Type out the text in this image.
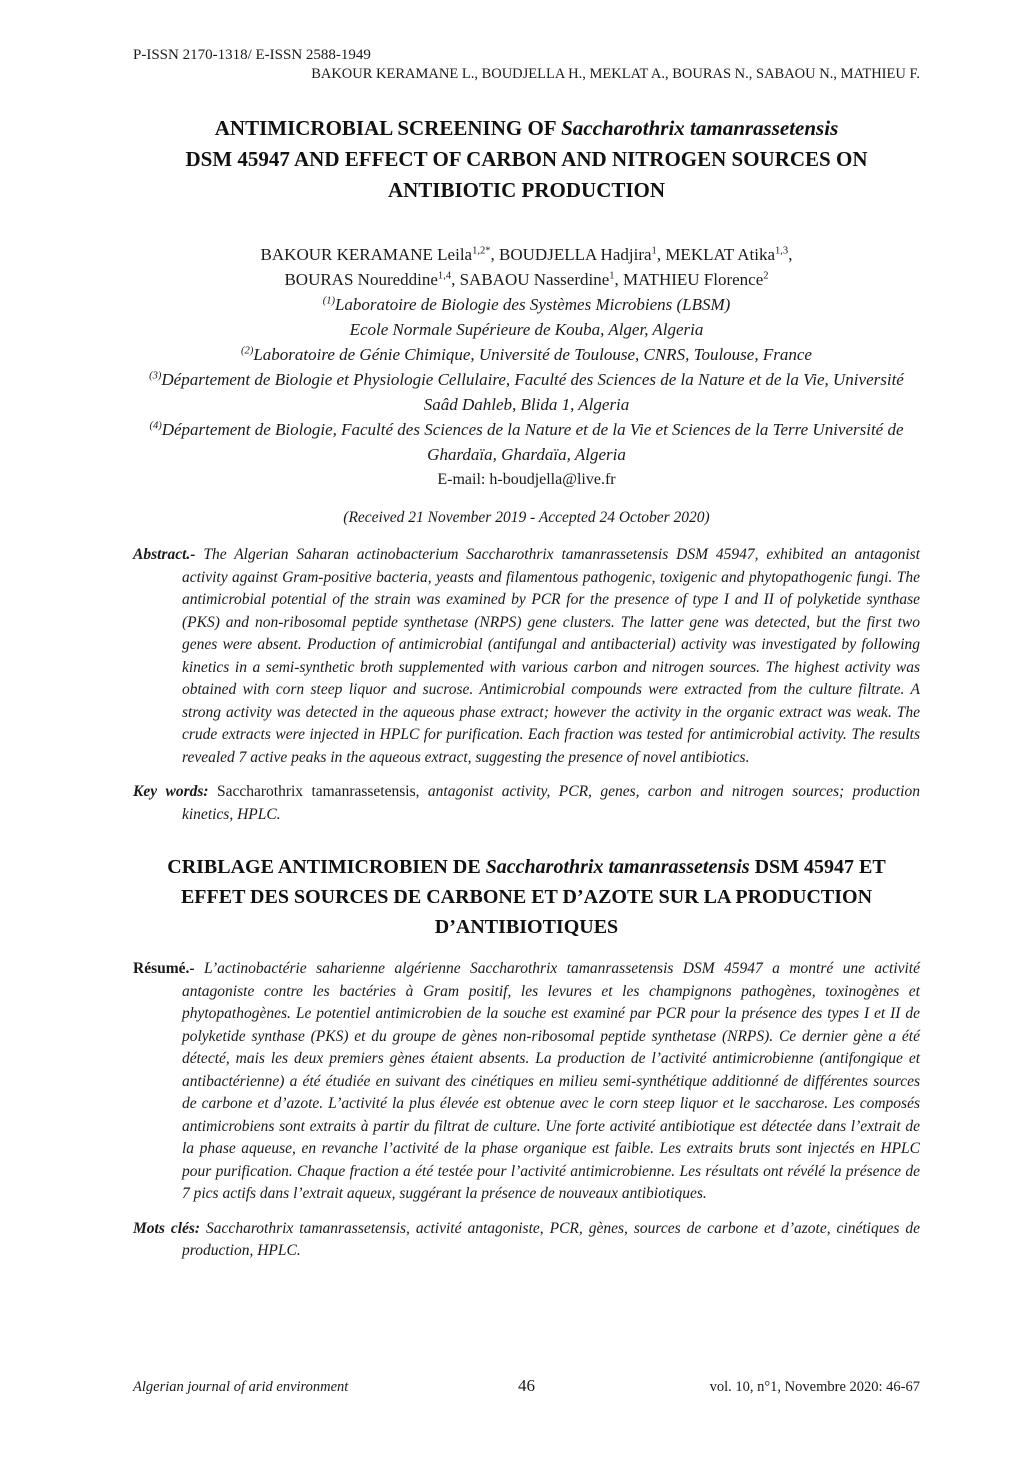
P-ISSN 2170-1318/ E-ISSN 2588-1949
BAKOUR KERAMANE L., BOUDJELLA H., MEKLAT A., BOURAS N., SABAOU N., MATHIEU F.
ANTIMICROBIAL SCREENING OF Saccharothrix tamanrassetensis
DSM 45947 AND EFFECT OF CARBON AND NITROGEN SOURCES ON ANTIBIOTIC PRODUCTION
BAKOUR KERAMANE Leila$^{1,2*}$, BOUDJELLA Hadjira$^1$, MEKLAT Atika$^{1,3}$,
BOURAS Noureddine$^{1,4}$, SABAOU Nasserdine$^1$, MATHIEU Florence$^2$
$^{(1)}$Laboratoire de Biologie des Systèmes Microbiens (LBSM)
Ecole Normale Supérieure de Kouba, Alger, Algeria
$^{(2)}$Laboratoire de Génie Chimique, Université de Toulouse, CNRS, Toulouse, France
$^{(3)}$Département de Biologie et Physiologie Cellulaire, Faculté des Sciences de la Nature et de la Vie, Université Saâd Dahleb, Blida 1, Algeria
$^{(4)}$Département de Biologie, Faculté des Sciences de la Nature et de la Vie et Sciences de la Terre Université de Ghardaïa, Ghardaïa, Algeria
E-mail: h-boudjella@live.fr
(Received 21 November 2019 - Accepted 24 October 2020)

Abstract.- The Algerian Saharan actinobacterium Saccharothrix tamanrassetensis DSM 45947, exhibited an antagonist activity against Gram-positive bacteria, yeasts and filamentous pathogenic, toxigenic and phytopathogenic fungi. The antimicrobial potential of the strain was examined by PCR for the presence of type I and II of polyketide synthase (PKS) and non-ribosomal peptide synthetase (NRPS) gene clusters. The latter gene was detected, but the first two genes were absent. Production of antimicrobial (antifungal and antibacterial) activity was investigated by following kinetics in a semi-synthetic broth supplemented with various carbon and nitrogen sources. The highest activity was obtained with corn steep liquor and sucrose. Antimicrobial compounds were extracted from the culture filtrate. A strong activity was detected in the aqueous phase extract; however the activity in the organic extract was weak. The crude extracts were injected in HPLC for purification. Each fraction was tested for antimicrobial activity. The results revealed 7 active peaks in the aqueous extract, suggesting the presence of novel antibiotics.

Key words: Saccharothrix tamanrassetensis, antagonist activity, PCR, genes, carbon and nitrogen sources; production kinetics, HPLC.

CRIBLAGE ANTIMICROBIEN DE Saccharothrix tamanrassetensis DSM 45947 ET EFFET DES SOURCES DE CARBONE ET D’AZOTE SUR LA PRODUCTION D’ANTIBIOTIQUES

Résumé.- L’actinobactérie saharienne algérienne Saccharothrix tamanrassetensis DSM 45947 a montré une activité antagoniste contre les bactéries à Gram positif, les levures et les champignons pathogènes, toxinogènes et phytopathogènes. Le potentiel antimicrobien de la souche est examiné par PCR pour la présence des types I et II de polyketide synthase (PKS) et du groupe de gènes non-ribosomal peptide synthetase (NRPS). Ce dernier gène a été détecté, mais les deux premiers gènes étaient absents. La production de l’activité antimicrobienne (antifongique et antibactérienne) a été étudiée en suivant des cinétiques en milieu semi-synthétique additionné de différentes sources de carbone et d’azote. L’activité la plus élevée est obtenue avec le corn steep liquor et le saccharose. Les composés antimicrobiens sont extraits à partir du filtrat de culture. Une forte activité antibiotique est détectée dans l’extrait de la phase aqueuse, en revanche l’activité de la phase organique est faible. Les extraits bruts sont injectés en HPLC pour purification. Chaque fraction a été testée pour l’activité antimicrobienne. Les résultats ont révélé la présence de 7 pics actifs dans l’extrait aqueux, suggérant la présence de nouveaux antibiotiques.

Mots clés: Saccharothrix tamanrassetensis, activité antagoniste, PCR, gènes, sources de carbone et d’azote, cinétiques de production, HPLC.

Algerian journal of arid environment	46	vol. 10, n°1, Novembre 2020: 46-67
